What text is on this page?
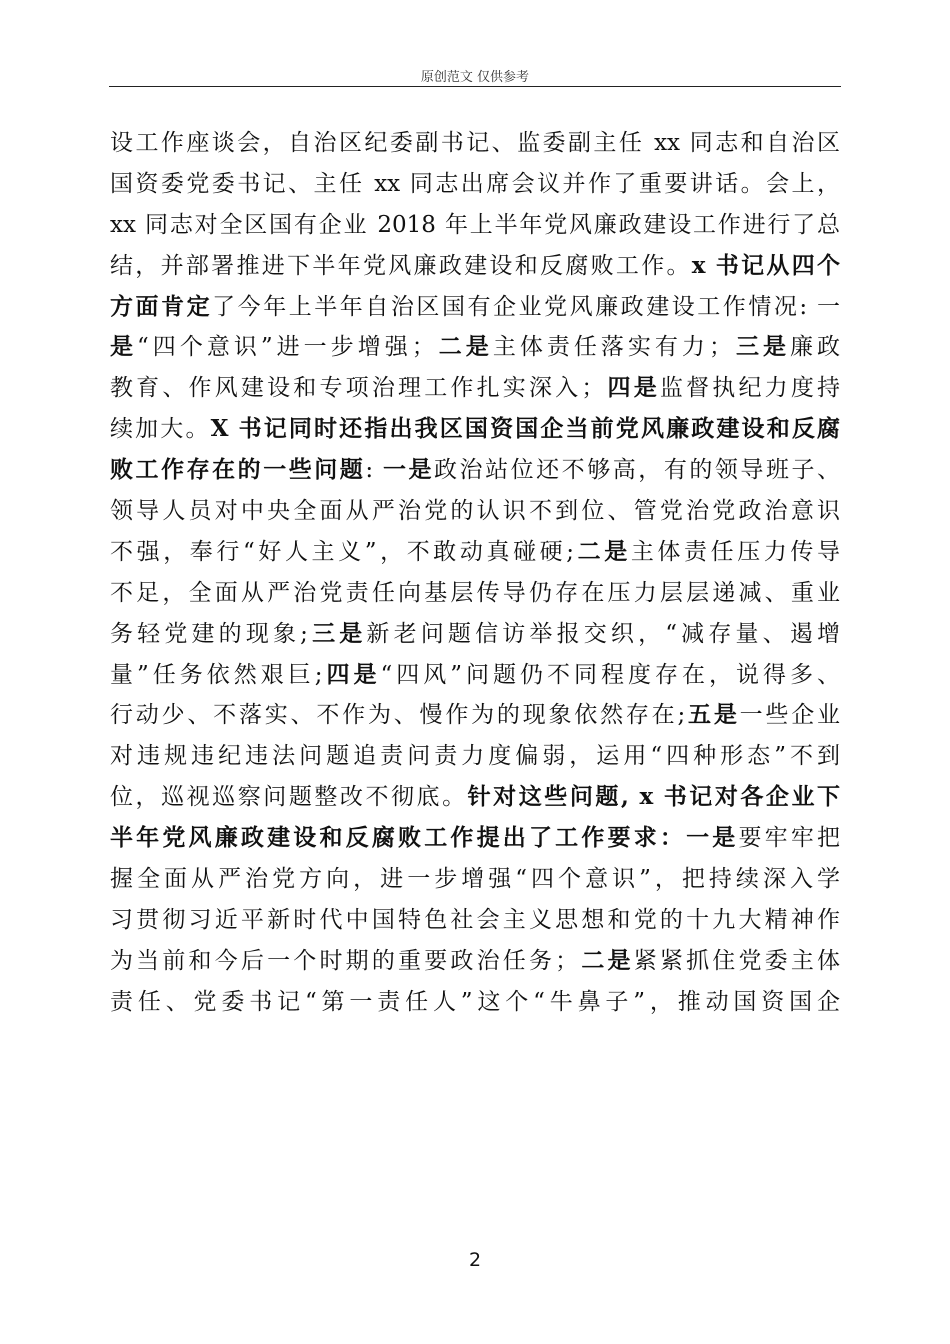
原创范文 仅供参考
设工作座谈会，自治区纪委副书记、监委副主任 xx 同志和自治区
国资委党委书记、主任 xx 同志出席会议并作了重要讲话。会上，
xx 同志对全区国有企业 2018 年上半年党风廉政建设工作进行了总
结，并部署推进下半年党风廉政建设和反腐败工作。x 书记从四个
方面肯定了今年上半年自治区国有企业党风廉政建设工作情况: 一
是“四个意识”进一步增强；二是主体责任落实有力；三是廉政
教育、作风建设和专项治理工作扎实深入；四是监督执纪力度持
续加大。X 书记同时还指出我区国资国企当前党风廉政建设和反腐
败工作存在的一些问题: 一是政治站位还不够高，有的领导班子、
领导人员对中央全面从严治党的认识不到位、管党治党政治意识
不强，奉行“好人主义”，不敢动真碰硬;二是主体责任压力传导
不足，全面从严治党责任向基层传导仍存在压力层层递减、重业
务轻党建的现象;三是新老问题信访举报交织，“减存量、遏增
量”任务依然艰巨;四是“四风”问题仍不同程度存在，说得多、
行动少、不落实、不作为、慢作为的现象依然存在;五是一些企业
对违规违纪违法问题追责问责力度偏弱，运用“四种形态”不到
位，巡视巡察问题整改不彻底。针对这些问题, x 书记对各企业下
半年党风廉政建设和反腐败工作提出了工作要求：一是要牢牢把
握全面从严治党方向，进一步增强“四个意识”，把持续深入学
习贯彻习近平新时代中国特色社会主义思想和党的十九大精神作
为当前和今后一个时期的重要政治任务；二是紧紧抓住党委主体
责任、党委书记“第一责任人”这个“牛鼻子”，推动国资国企
2
